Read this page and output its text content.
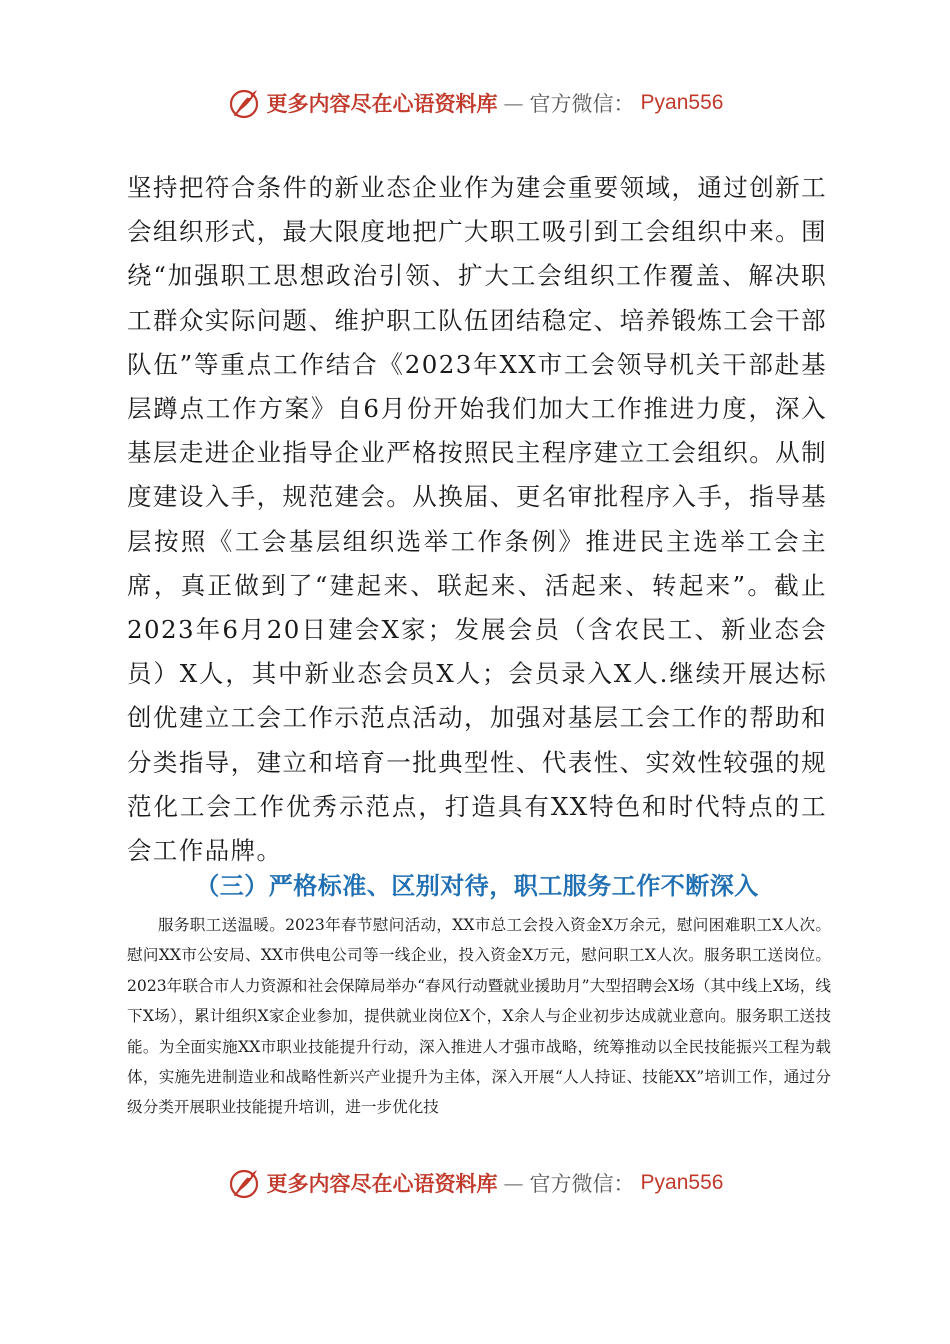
更多内容尽在心语资料库 — 官方微信： Pyan556

坚持把符合条件的新业态企业作为建会重要领域，通过创新工会组织形式，最大限度地把广大职工吸引到工会组织中来。围绕“加强职工思想政治引领、扩大工会组织工作覆盖、解决职工群众实际问题、维护职工队伍团结稳定、培养锻炼工会干部队伍”等重点工作结合《2023年XX市工会领导机关干部赴基层蹲点工作方案》自6月份开始我们加大工作推进力度，深入基层走进企业指导企业严格按照民主程序建立工会组织。从制度建设入手，规范建会。从换届、更名审批程序入手，指导基层按照《工会基层组织选举工作条例》推进民主选举工会主席，真正做到了“建起来、联起来、活起来、转起来”。截止2023年6月20日建会X家；发展会员（含农民工、新业态会员）X人，其中新业态会员X人；会员录入X人.继续开展达标创优建立工会工作示范点活动，加强对基层工会工作的帮助和分类指导，建立和培育一批典型性、代表性、实效性较强的规范化工会工作优秀示范点，打造具有XX特色和时代特点的工会工作品牌。

（三）严格标准、区别对待，职工服务工作不断深入

服务职工送温暖。2023年春节慰问活动，XX市总工会投入资金X万余元，慰问困难职工X人次。慰问XX市公安局、XX市供电公司等一线企业，投入资金X万元，慰问职工X人次。服务职工送岗位。2023年联合市人力资源和社会保障局举办“春风行动暨就业援助月”大型招聘会X场（其中线上X场，线下X场），累计组织X家企业参加，提供就业岗位X个，X余人与企业初步达成就业意向。服务职工送技能。为全面实施XX市职业技能提升行动，深入推进人才强市战略，统筹推动以全民技能振兴工程为载体，实施先进制造业和战略性新兴产业提升为主体，深入开展“人人持证、技能XX”培训工作，通过分级分类开展职业技能提升培训，进一步优化技

更多内容尽在心语资料库 — 官方微信： Pyan556
